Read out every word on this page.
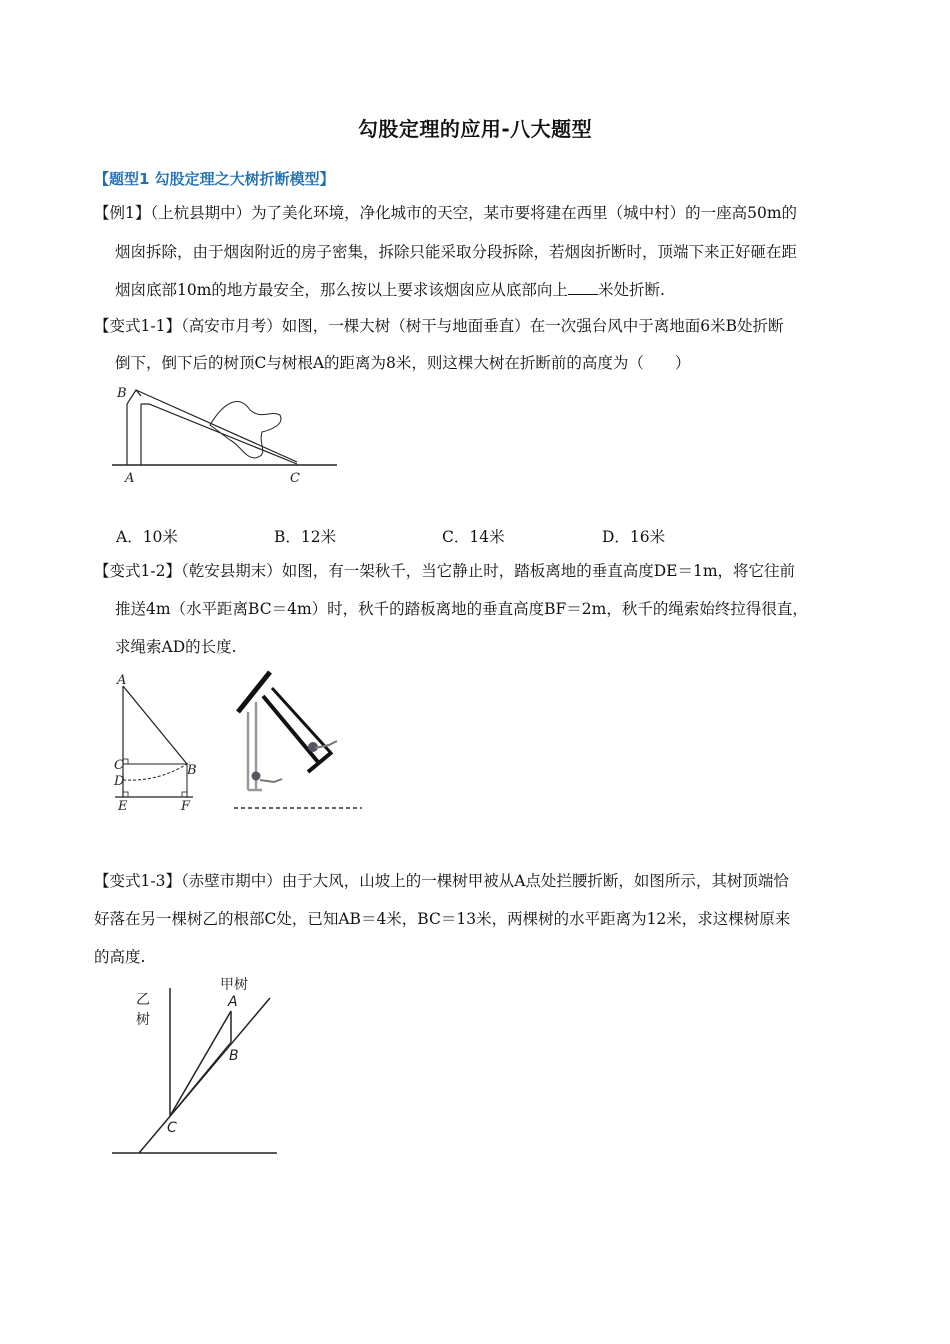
勾股定理的应用-八大题型
【题型1 勾股定理之大树折断模型】
【例1】（上杭县期中）为了美化环境，净化城市的天空，某市要将建在西里（城中村）的一座高50m的
烟囱拆除，由于烟囱附近的房子密集，拆除只能采取分段拆除，若烟囱折断时，顶端下来正好砸在距
烟囱底部10m的地方最安全，那么按以上要求该烟囱应从底部向上 米处折断.
【变式1-1】（高安市月考）如图，一棵大树（树干与地面垂直）在一次强台风中于离地面6米B处折断
倒下，倒下后的树顶C与树根A的距离为8米，则这棵大树在折断前的高度为（　　）
B
A	C
A．10米	B．12米	C．14米	D．16米
【变式1-2】（乾安县期末）如图，有一架秋千，当它静止时，踏板离地的垂直高度DE＝1m，将它往前
推送4m（水平距离BC＝4m）时，秋千的踏板离地的垂直高度BF＝2m，秋千的绳索始终拉得很直，
求绳索AD的长度.
A
C
D
E	F
B
【变式1-3】（赤壁市期中）由于大风，山坡上的一棵树甲被从A点处拦腰折断，如图所示，其树顶端恰
好落在另一棵树乙的根部C处，已知AB＝4米，BC＝13米，两棵树的水平距离为12米，求这棵树原来
的高度.
乙
树
甲树
A
B
C
